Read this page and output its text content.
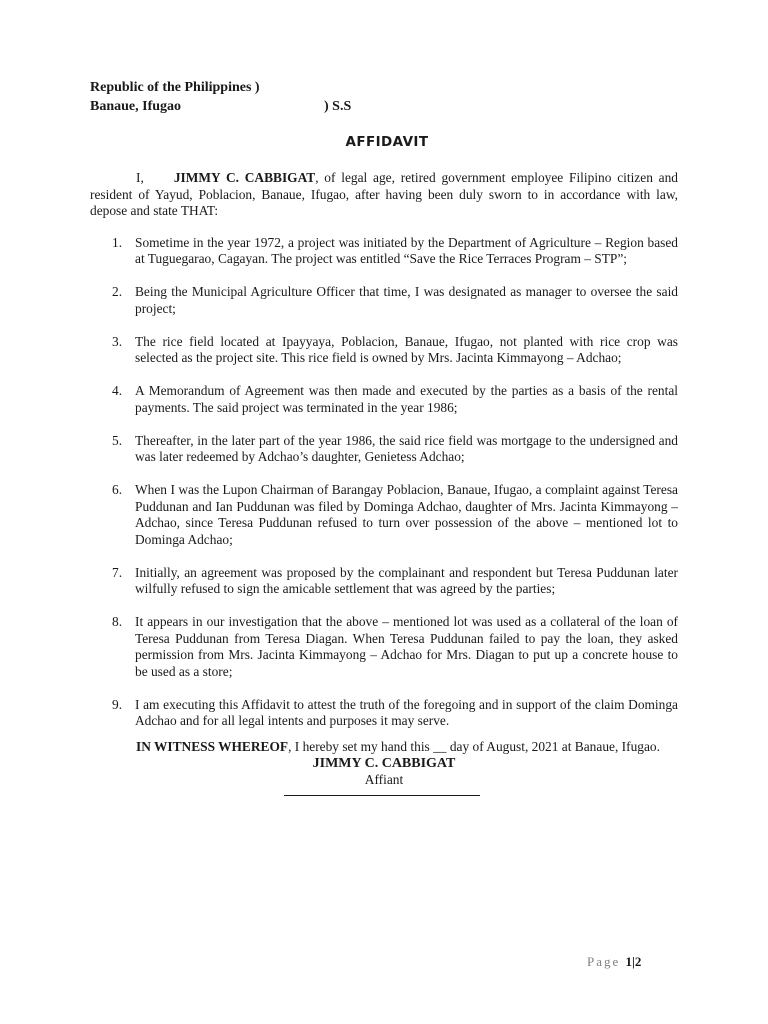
Republic of the Philippines )
Banaue, Ifugao	) S.S
AFFIDAVIT

I, JIMMY C. CABBIGAT, of legal age, retired government employee Filipino citizen and resident of Yayud, Poblacion, Banaue, Ifugao, after having been duly sworn to in accordance with law, depose and state THAT:

1. Sometime in the year 1972, a project was initiated by the Department of Agriculture – Region based at Tuguegarao, Cagayan. The project was entitled “Save the Rice Terraces Program – STP”;
2. Being the Municipal Agriculture Officer that time, I was designated as manager to oversee the said project;
3. The rice field located at Ipayyaya, Poblacion, Banaue, Ifugao, not planted with rice crop was selected as the project site. This rice field is owned by Mrs. Jacinta Kimmayong – Adchao;
4. A Memorandum of Agreement was then made and executed by the parties as a basis of the rental payments. The said project was terminated in the year 1986;
5. Thereafter, in the later part of the year 1986, the said rice field was mortgage to the undersigned and was later redeemed by Adchao’s daughter, Genietess Adchao;
6. When I was the Lupon Chairman of Barangay Poblacion, Banaue, Ifugao, a complaint against Teresa Puddunan and Ian Puddunan was filed by Dominga Adchao, daughter of Mrs. Jacinta Kimmayong – Adchao, since Teresa Puddunan refused to turn over possession of the above – mentioned lot to Dominga Adchao;
7. Initially, an agreement was proposed by the complainant and respondent but Teresa Puddunan later wilfully refused to sign the amicable settlement that was agreed by the parties;
8. It appears in our investigation that the above – mentioned lot was used as a collateral of the loan of Teresa Puddunan from Teresa Diagan. When Teresa Puddunan failed to pay the loan, they asked permission from Mrs. Jacinta Kimmayong – Adchao for Mrs. Diagan to put up a concrete house to be used as a store;
9. I am executing this Affidavit to attest the truth of the foregoing and in support of the claim Dominga Adchao and for all legal intents and purposes it may serve.

IN WITNESS WHEREOF, I hereby set my hand this __ day of August, 2021 at Banaue, Ifugao.

JIMMY C. CABBIGAT
Affiant
Page 1|2
